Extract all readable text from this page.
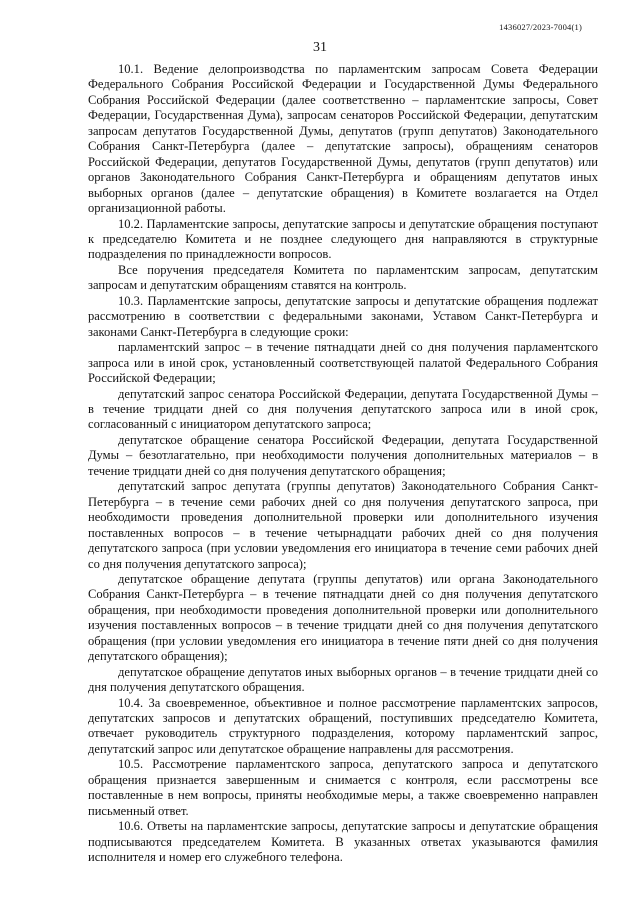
1436027/2023-7004(1)
31

10.1. Ведение делопроизводства по парламентским запросам Совета Федерации Федерального Собрания Российской Федерации и Государственной Думы Федерального Собрания Российской Федерации (далее соответственно – парламентские запросы, Совет Федерации, Государственная Дума), запросам сенаторов Российской Федерации, депутатским запросам депутатов Государственной Думы, депутатов (групп депутатов) Законодательного Собрания Санкт-Петербурга (далее – депутатские запросы), обращениям сенаторов Российской Федерации, депутатов Государственной Думы, депутатов (групп депутатов) или органов Законодательного Собрания Санкт-Петербурга и обращениям депутатов иных выборных органов (далее – депутатские обращения) в Комитете возлагается на Отдел организационной работы.

10.2. Парламентские запросы, депутатские запросы и депутатские обращения поступают к председателю Комитета и не позднее следующего дня направляются в структурные подразделения по принадлежности вопросов.

Все поручения председателя Комитета по парламентским запросам, депутатским запросам и депутатским обращениям ставятся на контроль.

10.3. Парламентские запросы, депутатские запросы и депутатские обращения подлежат рассмотрению в соответствии с федеральными законами, Уставом Санкт-Петербурга и законами Санкт-Петербурга в следующие сроки:

парламентский запрос – в течение пятнадцати дней со дня получения парламентского запроса или в иной срок, установленный соответствующей палатой Федерального Собрания Российской Федерации;

депутатский запрос сенатора Российской Федерации, депутата Государственной Думы – в течение тридцати дней со дня получения депутатского запроса или в иной срок, согласованный с инициатором депутатского запроса;

депутатское обращение сенатора Российской Федерации, депутата Государственной Думы – безотлагательно, при необходимости получения дополнительных материалов – в течение тридцати дней со дня получения депутатского обращения;

депутатский запрос депутата (группы депутатов) Законодательного Собрания Санкт-Петербурга – в течение семи рабочих дней со дня получения депутатского запроса, при необходимости проведения дополнительной проверки или дополнительного изучения поставленных вопросов – в течение четырнадцати рабочих дней со дня получения депутатского запроса (при условии уведомления его инициатора в течение семи рабочих дней со дня получения депутатского запроса);

депутатское обращение депутата (группы депутатов) или органа Законодательного Собрания Санкт-Петербурга – в течение пятнадцати дней со дня получения депутатского обращения, при необходимости проведения дополнительной проверки или дополнительного изучения поставленных вопросов – в течение тридцати дней со дня получения депутатского обращения (при условии уведомления его инициатора в течение пяти дней со дня получения депутатского обращения);

депутатское обращение депутатов иных выборных органов – в течение тридцати дней со дня получения депутатского обращения.

10.4. За своевременное, объективное и полное рассмотрение парламентских запросов, депутатских запросов и депутатских обращений, поступивших председателю Комитета, отвечает руководитель структурного подразделения, которому парламентский запрос, депутатский запрос или депутатское обращение направлены для рассмотрения.

10.5. Рассмотрение парламентского запроса, депутатского запроса и депутатского обращения признается завершенным и снимается с контроля, если рассмотрены все поставленные в нем вопросы, приняты необходимые меры, а также своевременно направлен письменный ответ.

10.6. Ответы на парламентские запросы, депутатские запросы и депутатские обращения подписываются председателем Комитета. В указанных ответах указываются фамилия исполнителя и номер его служебного телефона.
